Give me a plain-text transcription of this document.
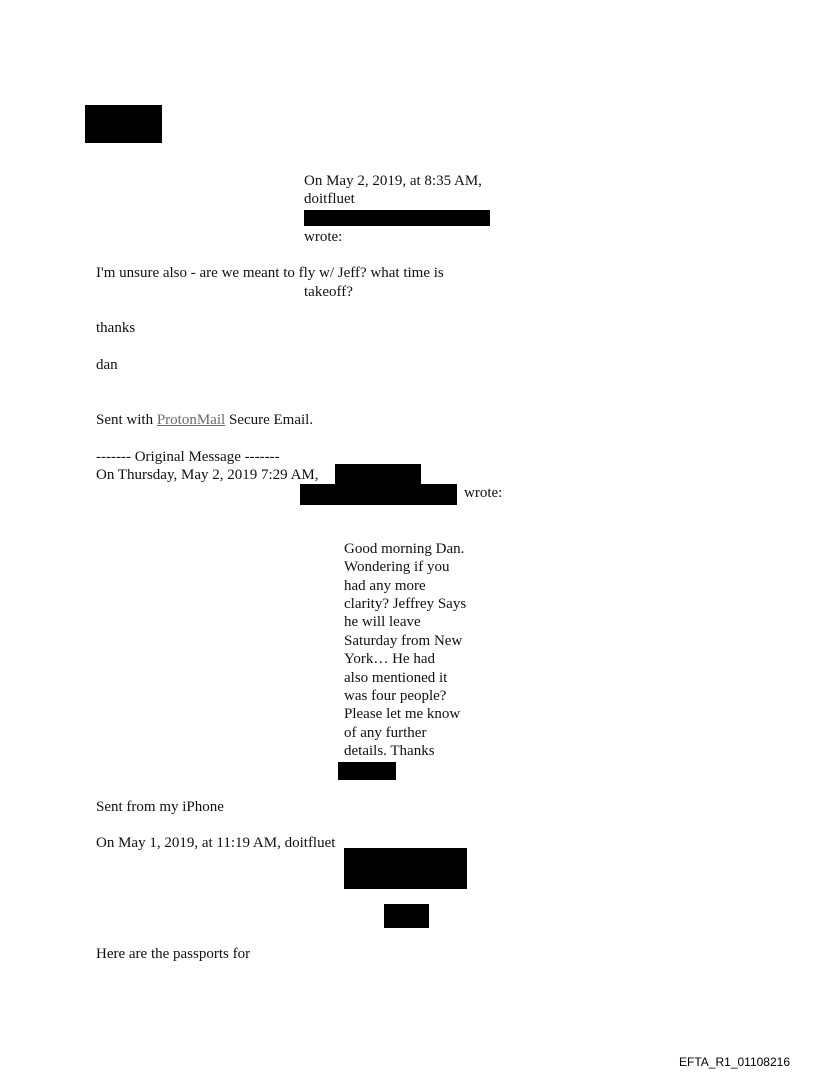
On May 2, 2019, at 8:35 AM,
doitfluet
wrote:
I'm unsure also - are we meant to fly w/ Jeff? what time is
takeoff?
thanks
dan
Sent with ProtonMail Secure Email.
------- Original Message -------
On Thursday, May 2, 2019 7:29 AM,
wrote:
Good morning Dan.
Wondering if you
had any more
clarity? Jeffrey Says
he will leave
Saturday from New
York… He had
also mentioned it
was four people?
Please let me know
of any further
details. Thanks
Sent from my iPhone
On May 1, 2019, at 11:19 AM, doitfluet
Here are the passports for
EFTA_R1_01108216
